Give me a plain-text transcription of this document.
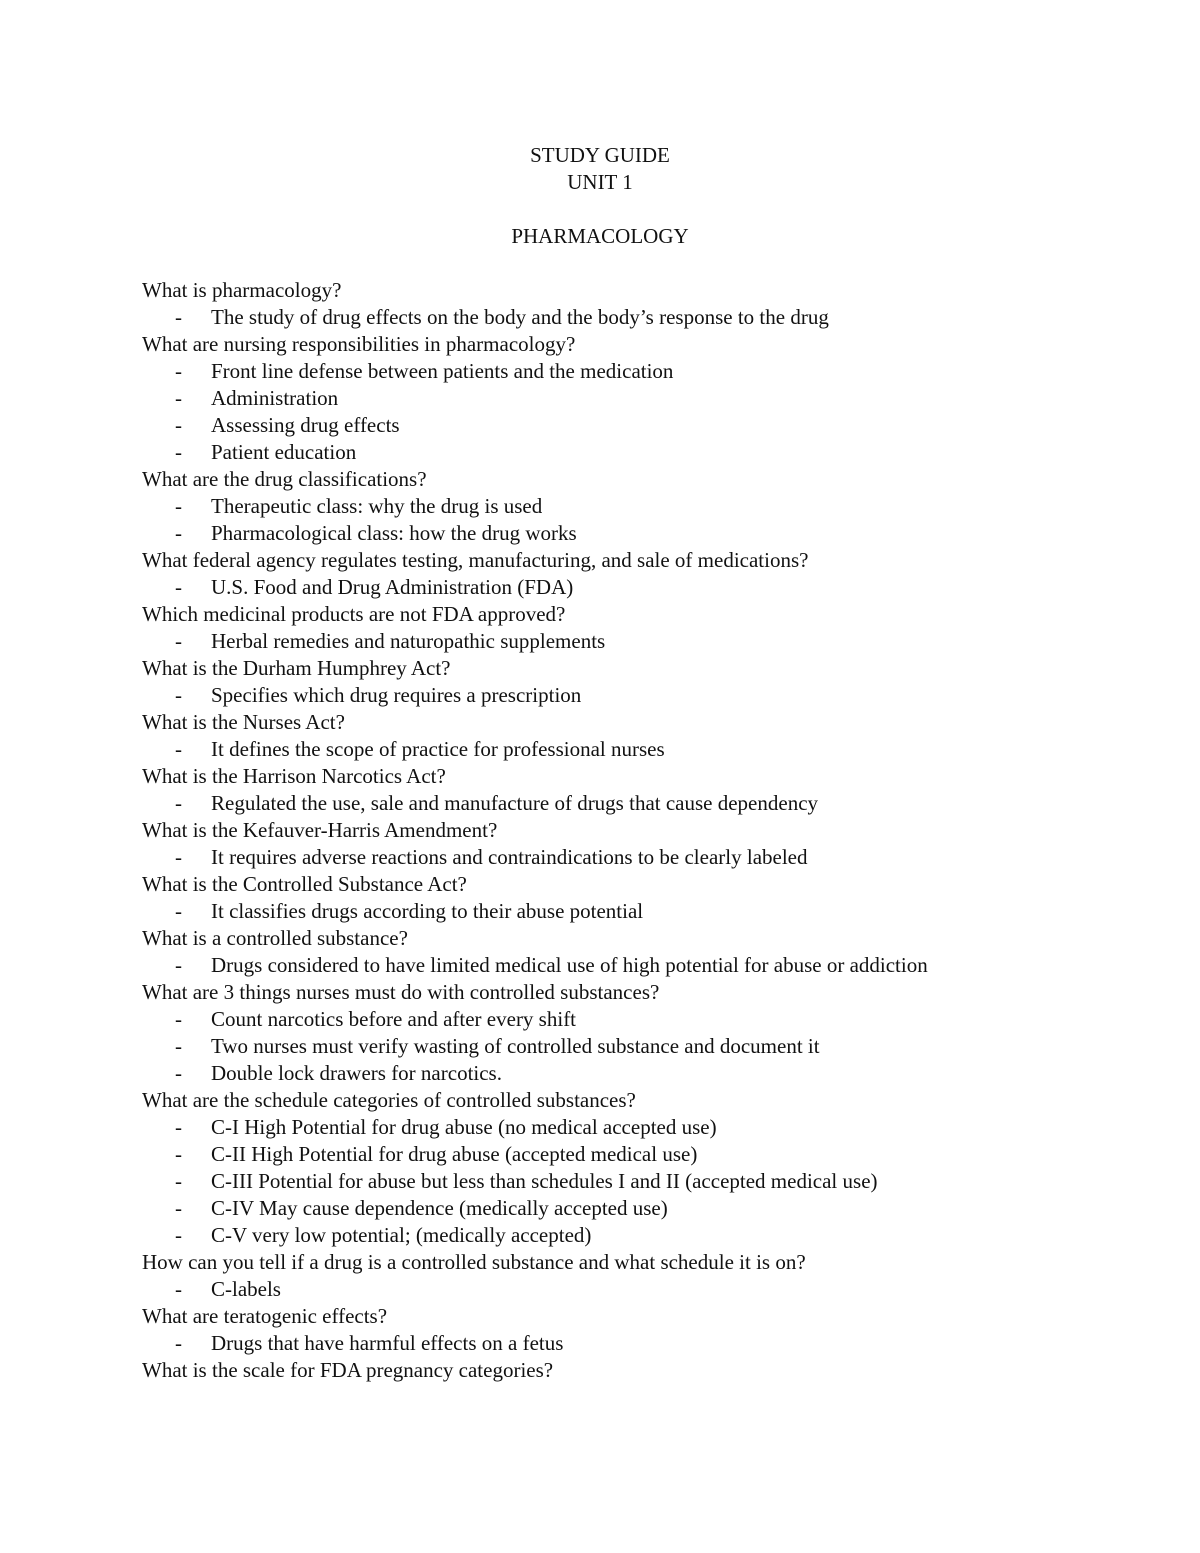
STUDY GUIDE
UNIT 1
PHARMACOLOGY
What is pharmacology?
- The study of drug effects on the body and the body’s response to the drug
What are nursing responsibilities in pharmacology?
- Front line defense between patients and the medication
- Administration
- Assessing drug effects
- Patient education
What are the drug classifications?
- Therapeutic class: why the drug is used
- Pharmacological class: how the drug works
What federal agency regulates testing, manufacturing, and sale of medications?
- U.S. Food and Drug Administration (FDA)
Which medicinal products are not FDA approved?
- Herbal remedies and naturopathic supplements
What is the Durham Humphrey Act?
- Specifies which drug requires a prescription
What is the Nurses Act?
- It defines the scope of practice for professional nurses
What is the Harrison Narcotics Act?
- Regulated the use, sale and manufacture of drugs that cause dependency
What is the Kefauver-Harris Amendment?
- It requires adverse reactions and contraindications to be clearly labeled
What is the Controlled Substance Act?
- It classifies drugs according to their abuse potential
What is a controlled substance?
- Drugs considered to have limited medical use of high potential for abuse or addiction
What are 3 things nurses must do with controlled substances?
- Count narcotics before and after every shift
- Two nurses must verify wasting of controlled substance and document it
- Double lock drawers for narcotics.
What are the schedule categories of controlled substances?
- C-I High Potential for drug abuse (no medical accepted use)
- C-II High Potential for drug abuse (accepted medical use)
- C-III Potential for abuse but less than schedules I and II (accepted medical use)
- C-IV May cause dependence (medically accepted use)
- C-V very low potential; (medically accepted)
How can you tell if a drug is a controlled substance and what schedule it is on?
- C-labels
What are teratogenic effects?
- Drugs that have harmful effects on a fetus
What is the scale for FDA pregnancy categories?
